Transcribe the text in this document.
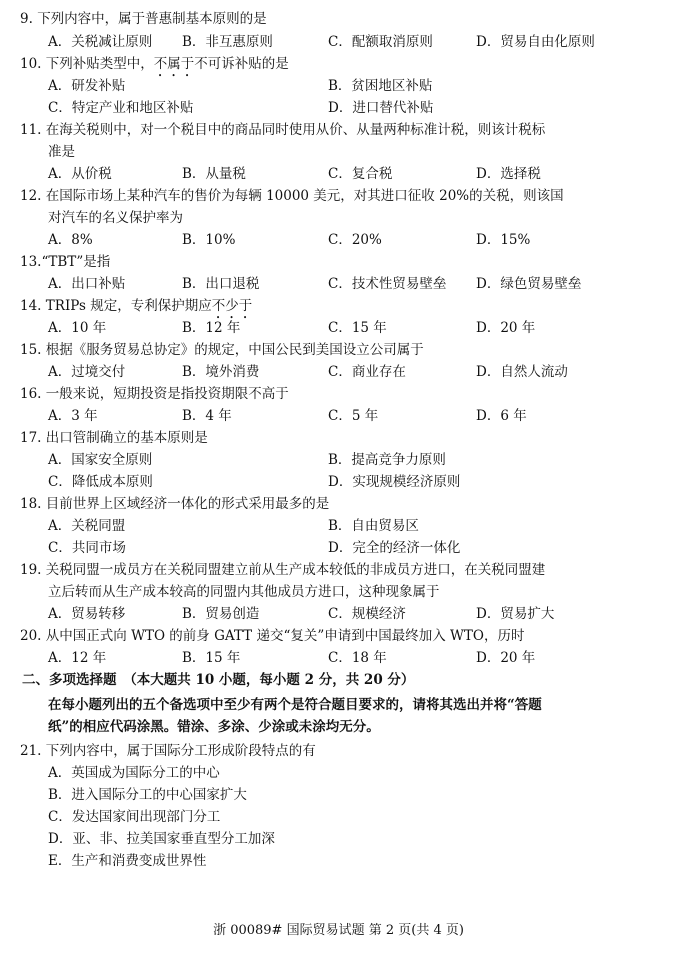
9. 下列内容中，属于普惠制基本原则的是
A．关税减让原则 B．非互惠原则	C．配额取消原则	D．贸易自由化原则
10. 下列补贴类型中，不属于不可诉补贴的是
A．研发补贴	B．贫困地区补贴
C．特定产业和地区补贴	D．进口替代补贴
11. 在海关税则中，对一个税目中的商品同时使用从价、从量两种标准计税，则该计税标
准是
A．从价税	B．从量税	C．复合税	D．选择税
12. 在国际市场上某种汽车的售价为每辆 10000 美元，对其进口征收 20%的关税，则该国
对汽车的名义保护率为
A．8%	B．10%	C．20%	D．15%
13.“TBT”是指
A．出口补贴	B．出口退税	C．技术性贸易壁垒 D．绿色贸易壁垒
14. TRIPs 规定，专利保护期应不少于
A．10 年	B．12 年	C．15 年	D．20 年
15. 根据《服务贸易总协定》的规定，中国公民到美国设立公司属于
A．过境交付	B．境外消费	C．商业存在	D．自然人流动
16. 一般来说，短期投资是指投资期限不高于
A．3 年	B．4 年	C．5 年	D．6 年
17. 出口管制确立的基本原则是
A．国家安全原则	B．提高竞争力原则
C．降低成本原则	D．实现规模经济原则
18. 目前世界上区域经济一体化的形式采用最多的是
A．关税同盟	B．自由贸易区
C．共同市场	D．完全的经济一体化
19. 关税同盟一成员方在关税同盟建立前从生产成本较低的非成员方进口，在关税同盟建
立后转而从生产成本较高的同盟内其他成员方进口，这种现象属于
A．贸易转移	B．贸易创造	C．规模经济	D．贸易扩大
20. 从中国正式向 WTO 的前身 GATT 递交“复关”申请到中国最终加入 WTO，历时
A．12 年	B．15 年	C．18 年	D．20 年
二、多项选择题　（本大题共 10 小题，每小题 2 分，共 20 分）
在每小题列出的五个备选项中至少有两个是符合题目要求的，请将其选出并将“答题
纸”的相应代码涂黑。错涂、多涂、少涂或未涂均无分。
21. 下列内容中，属于国际分工形成阶段特点的有
A．英国成为国际分工的中心
B．进入国际分工的中心国家扩大
C．发达国家间出现部门分工
D．亚、非、拉美国家垂直型分工加深
E．生产和消费变成世界性
浙 00089# 国际贸易试题 第 2 页(共 4 页)
